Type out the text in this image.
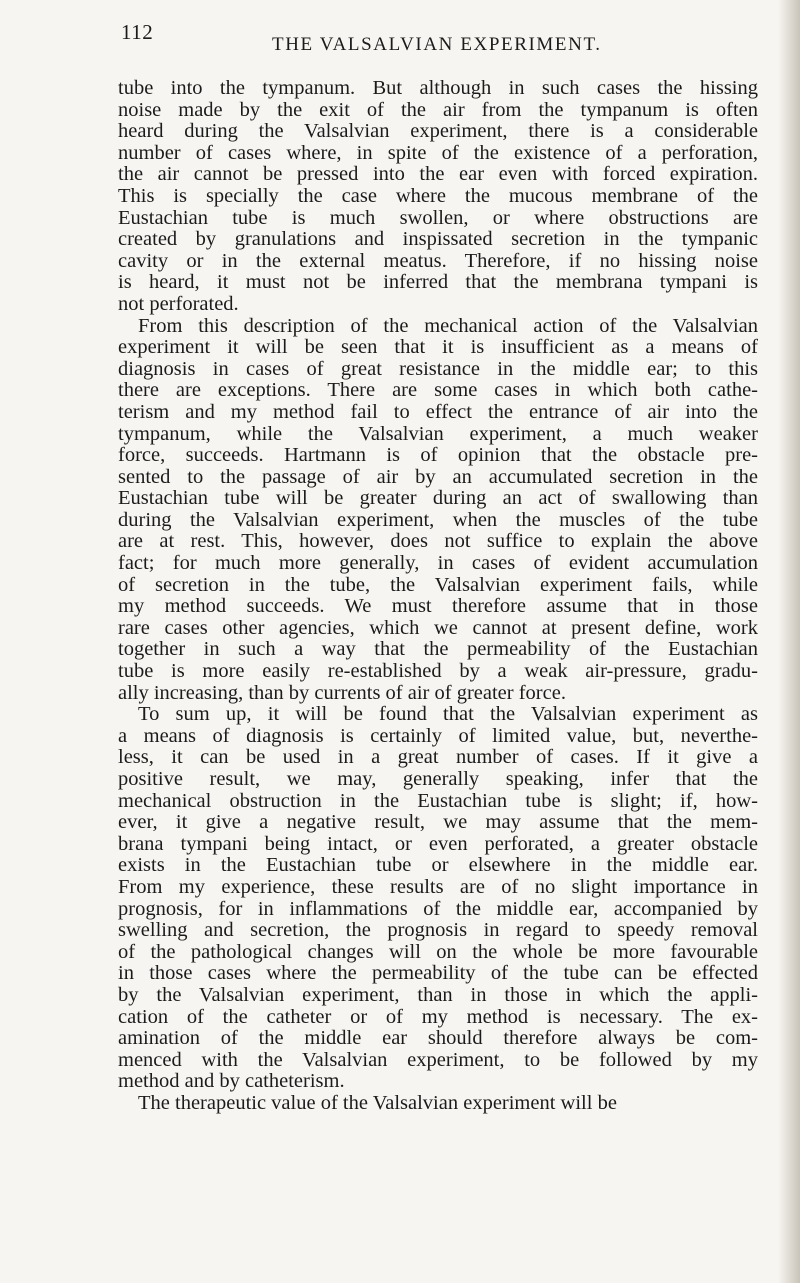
112
THE VALSALVIAN EXPERIMENT.
tube into the tympanum. But although in such cases the hissing
noise made by the exit of the air from the tympanum is often
heard during the Valsalvian experiment, there is a considerable
number of cases where, in spite of the existence of a perforation,
the air cannot be pressed into the ear even with forced expiration.
This is specially the case where the mucous membrane of the
Eustachian tube is much swollen, or where obstructions are
created by granulations and inspissated secretion in the tympanic
cavity or in the external meatus. Therefore, if no hissing noise
is heard, it must not be inferred that the membrana tympani is
not perforated.
From this description of the mechanical action of the Valsalvian
experiment it will be seen that it is insufficient as a means of
diagnosis in cases of great resistance in the middle ear; to this
there are exceptions. There are some cases in which both cathe-
terism and my method fail to effect the entrance of air into the
tympanum, while the Valsalvian experiment, a much weaker
force, succeeds. Hartmann is of opinion that the obstacle pre-
sented to the passage of air by an accumulated secretion in the
Eustachian tube will be greater during an act of swallowing than
during the Valsalvian experiment, when the muscles of the tube
are at rest. This, however, does not suffice to explain the above
fact; for much more generally, in cases of evident accumulation
of secretion in the tube, the Valsalvian experiment fails, while
my method succeeds. We must therefore assume that in those
rare cases other agencies, which we cannot at present define, work
together in such a way that the permeability of the Eustachian
tube is more easily re-established by a weak air-pressure, gradu-
ally increasing, than by currents of air of greater force.
To sum up, it will be found that the Valsalvian experiment as
a means of diagnosis is certainly of limited value, but, neverthe-
less, it can be used in a great number of cases. If it give a
positive result, we may, generally speaking, infer that the
mechanical obstruction in the Eustachian tube is slight; if, how-
ever, it give a negative result, we may assume that the mem-
brana tympani being intact, or even perforated, a greater obstacle
exists in the Eustachian tube or elsewhere in the middle ear.
From my experience, these results are of no slight importance in
prognosis, for in inflammations of the middle ear, accompanied by
swelling and secretion, the prognosis in regard to speedy removal
of the pathological changes will on the whole be more favourable
in those cases where the permeability of the tube can be effected
by the Valsalvian experiment, than in those in which the appli-
cation of the catheter or of my method is necessary. The ex-
amination of the middle ear should therefore always be com-
menced with the Valsalvian experiment, to be followed by my
method and by catheterism.
The therapeutic value of the Valsalvian experiment will be
